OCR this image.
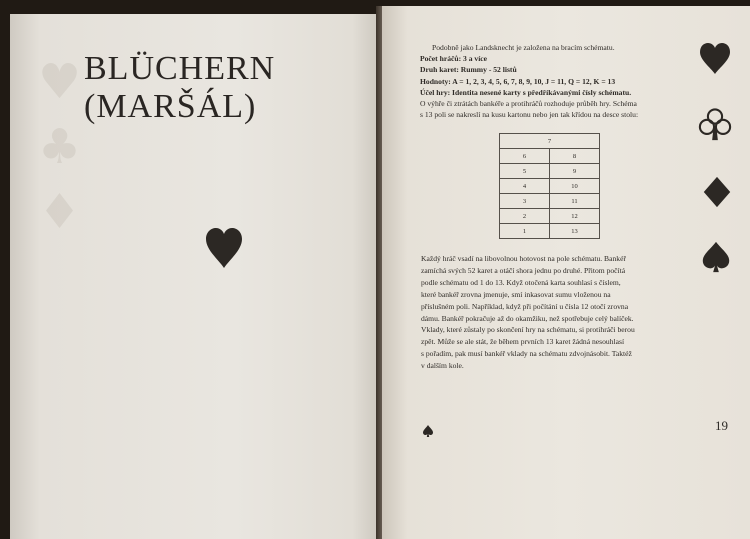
♥
♣
♦
BLÜCHERN
(MARŠÁL)
Podobně jako Landsknecht je založena na bracím schématu.
Počet hráčů: 3 a více
Druh karet: Rummy - 52 listů
Hodnoty: A = 1, 2, 3, 4, 5, 6, 7, 8, 9, 10, J = 11, Q = 12, K = 13
Účel hry: Identita nesené karty s předříkávanými čísly schématu.
O výhře či ztrátách bankéře a protihráčů rozhoduje průběh hry. Schéma
s 13 poli se nakreslí na kusu kartonu nebo jen tak křídou na desce stolu:
7	
6	8
5	9
4	10
3	11
2	12
1	13
Každý hráč vsadí na libovolnou hotovost na pole schématu. Bankéř
zamíchá svých 52 karet a otáčí shora jednu po druhé. Přitom počítá
podle schématu od 1 do 13. Když otočená karta souhlasí s číslem,
které bankéř zrovna jmenuje, smí inkasovat sumu vloženou na
příslušném poli. Například, když při počítání u čísla 12 otočí zrovna
dámu. Bankéř pokračuje až do okamžiku, než spotřebuje celý balíček.
Vklady, které zůstaly po skončení hry na schématu, si protihráči berou
zpět. Může se ale stát, že během prvních 13 karet žádná nesouhlasí
s pořadím, pak musí bankéř vklady na schématu zdvojnásobit. Taktéž
v dalším kole.
19
